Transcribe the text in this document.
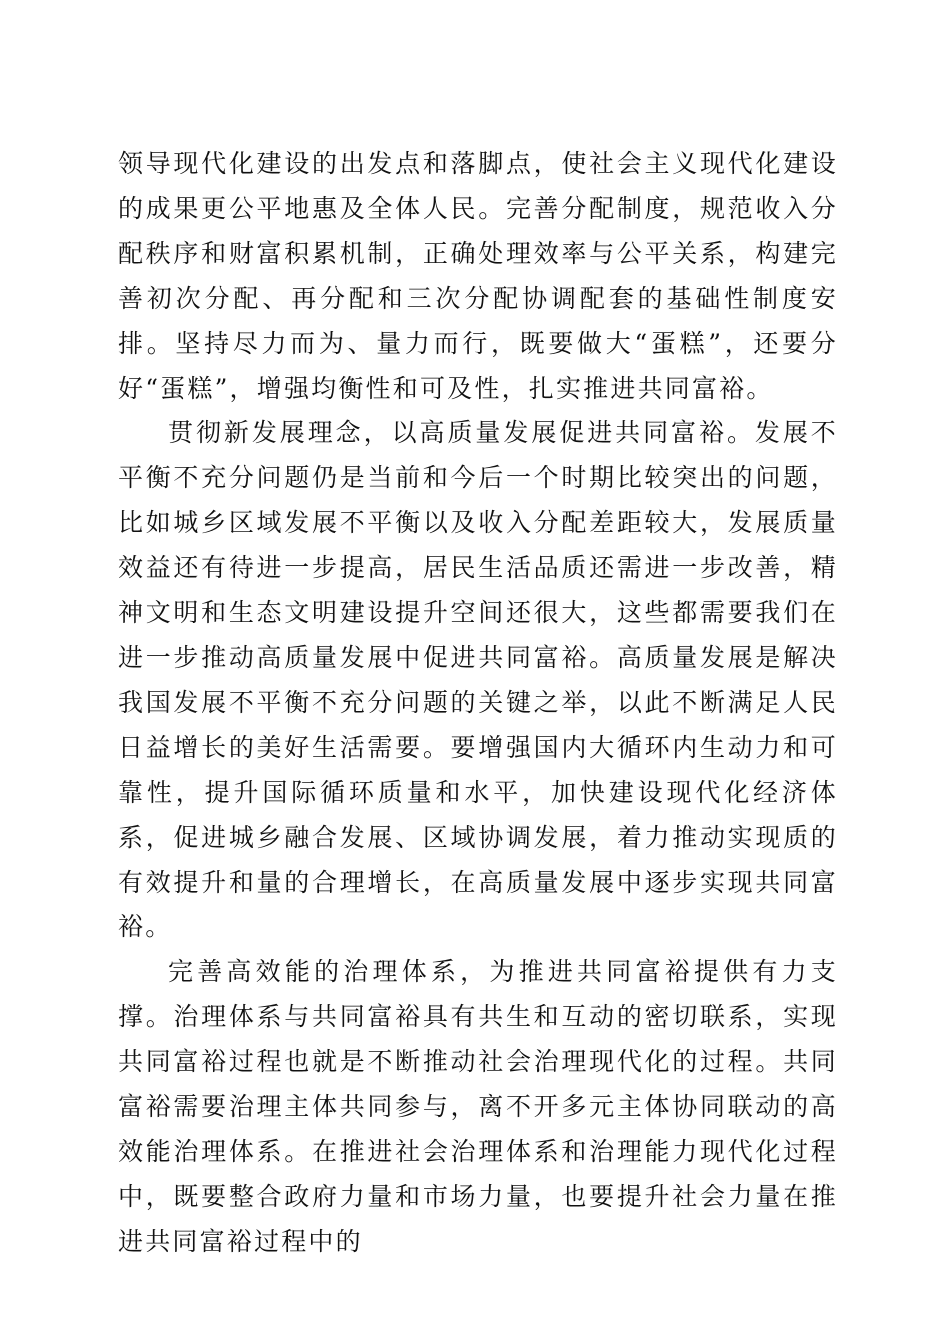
领导现代化建设的出发点和落脚点，使社会主义现代化建设的成果更公平地惠及全体人民。完善分配制度，规范收入分配秩序和财富积累机制，正确处理效率与公平关系，构建完善初次分配、再分配和三次分配协调配套的基础性制度安排。坚持尽力而为、量力而行，既要做大“蛋糕”，还要分好“蛋糕”，增强均衡性和可及性，扎实推进共同富裕。

贯彻新发展理念，以高质量发展促进共同富裕。发展不平衡不充分问题仍是当前和今后一个时期比较突出的问题，比如城乡区域发展不平衡以及收入分配差距较大，发展质量效益还有待进一步提高，居民生活品质还需进一步改善，精神文明和生态文明建设提升空间还很大，这些都需要我们在进一步推动高质量发展中促进共同富裕。高质量发展是解决我国发展不平衡不充分问题的关键之举，以此不断满足人民日益增长的美好生活需要。要增强国内大循环内生动力和可靠性，提升国际循环质量和水平，加快建设现代化经济体系，促进城乡融合发展、区域协调发展，着力推动实现质的有效提升和量的合理增长，在高质量发展中逐步实现共同富裕。

完善高效能的治理体系，为推进共同富裕提供有力支撑。治理体系与共同富裕具有共生和互动的密切联系，实现共同富裕过程也就是不断推动社会治理现代化的过程。共同富裕需要治理主体共同参与，离不开多元主体协同联动的高效能治理体系。在推进社会治理体系和治理能力现代化过程中，既要整合政府力量和市场力量，也要提升社会力量在推进共同富裕过程中的
